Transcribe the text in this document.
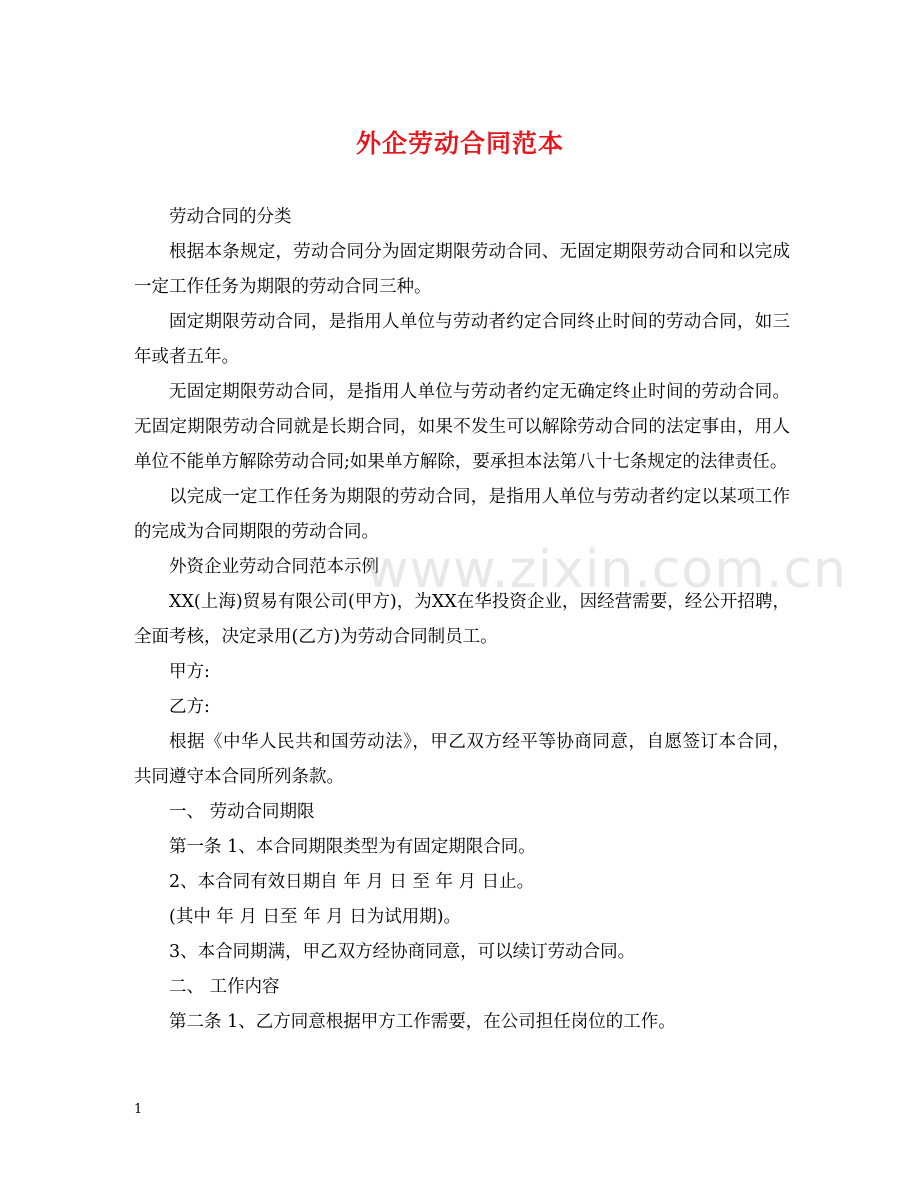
外企劳动合同范本

劳动合同的分类

根据本条规定，劳动合同分为固定期限劳动合同、无固定期限劳动合同和以完成一定工作任务为期限的劳动合同三种。

固定期限劳动合同，是指用人单位与劳动者约定合同终止时间的劳动合同，如三年或者五年。

无固定期限劳动合同，是指用人单位与劳动者约定无确定终止时间的劳动合同。无固定期限劳动合同就是长期合同，如果不发生可以解除劳动合同的法定事由，用人单位不能单方解除劳动合同;如果单方解除，要承担本法第八十七条规定的法律责任。

以完成一定工作任务为期限的劳动合同，是指用人单位与劳动者约定以某项工作的完成为合同期限的劳动合同。

外资企业劳动合同范本示例

XX(上海)贸易有限公司(甲方)，为XX在华投资企业，因经营需要，经公开招聘，全面考核，决定录用(乙方)为劳动合同制员工。

甲方:

乙方:

根据《中华人民共和国劳动法》，甲乙双方经平等协商同意，自愿签订本合同，共同遵守本合同所列条款。

一、 劳动合同期限

第一条 1、本合同期限类型为有固定期限合同。

2、本合同有效日期自 年 月 日 至 年 月 日止。

(其中 年 月 日至 年 月 日为试用期)。

3、本合同期满，甲乙双方经协商同意，可以续订劳动合同。

二、 工作内容

第二条 1、乙方同意根据甲方工作需要，在公司担任岗位的工作。

www.zixin.com.cn
1
